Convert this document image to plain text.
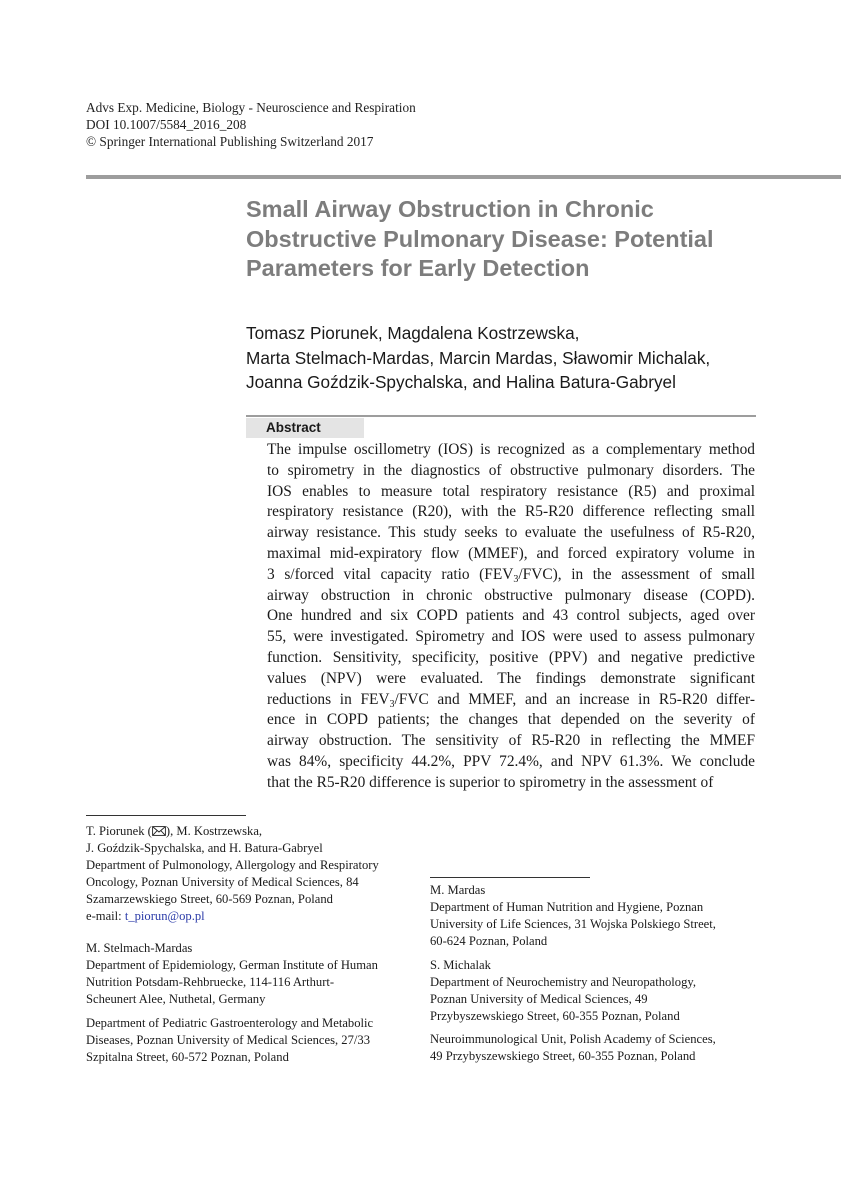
Advs Exp. Medicine, Biology - Neuroscience and Respiration
DOI 10.1007/5584_2016_208
© Springer International Publishing Switzerland 2017
Small Airway Obstruction in Chronic
Obstructive Pulmonary Disease: Potential
Parameters for Early Detection
Tomasz Piorunek, Magdalena Kostrzewska,
Marta Stelmach-Mardas, Marcin Mardas, Sławomir Michalak,
Joanna Goździk-Spychalska, and Halina Batura-Gabryel
Abstract
The impulse oscillometry (IOS) is recognized as a complementary method
to spirometry in the diagnostics of obstructive pulmonary disorders. The
IOS enables to measure total respiratory resistance (R5) and proximal
respiratory resistance (R20), with the R5-R20 difference reflecting small
airway resistance. This study seeks to evaluate the usefulness of R5-R20,
maximal mid-expiratory flow (MMEF), and forced expiratory volume in
3 s/forced vital capacity ratio $(FEV_3/FVC)$, in the assessment of small
airway obstruction in chronic obstructive pulmonary disease (COPD).
One hundred and six COPD patients and 43 control subjects, aged over
55, were investigated. Spirometry and IOS were used to assess pulmonary
function. Sensitivity, specificity, positive (PPV) and negative predictive
values (NPV) were evaluated. The findings demonstrate significant
reductions in $FEV_3$/FVC and MMEF, and an increase in R5-R20 differ-
ence in COPD patients; the changes that depended on the severity of
airway obstruction. The sensitivity of R5-R20 in reflecting the MMEF
was 84%, specificity 44.2%, PPV 72.4%, and NPV 61.3%. We conclude
that the R5-R20 difference is superior to spirometry in the assessment of
T. Piorunek ( ), M. Kostrzewska,
J. Goździk-Spychalska, and H. Batura-Gabryel
Department of Pulmonology, Allergology and Respiratory
Oncology, Poznan University of Medical Sciences, 84
Szamarzewskiego Street, 60-569 Poznan, Poland
e-mail: t_piorun@op.pl
M. Stelmach-Mardas
Department of Epidemiology, German Institute of Human
Nutrition Potsdam-Rehbruecke, 114-116 Arthurt-
Scheunert Alee, Nuthetal, Germany
Department of Pediatric Gastroenterology and Metabolic
Diseases, Poznan University of Medical Sciences, 27/33
Szpitalna Street, 60-572 Poznan, Poland
M. Mardas
Department of Human Nutrition and Hygiene, Poznan
University of Life Sciences, 31 Wojska Polskiego Street,
60-624 Poznan, Poland
S. Michalak
Department of Neurochemistry and Neuropathology,
Poznan University of Medical Sciences, 49
Przybyszewskiego Street, 60-355 Poznan, Poland
Neuroimmunological Unit, Polish Academy of Sciences,
49 Przybyszewskiego Street, 60-355 Poznan, Poland
